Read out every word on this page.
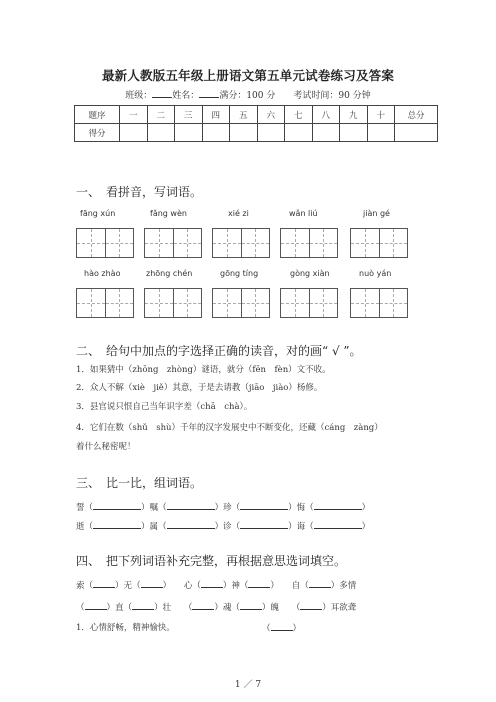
最新人教版五年级上册语文第五单元试卷练习及答案
班级： 姓名： 满分：100 分　　 考试时间：90 分钟
题序	一	二	三	四	五	六	七	八	九	十	总分
得分											
一、　看拼音，写词语。
fāng xún	fǎng wèn	xié zi	wǎn liú	jiàn gé
hào zhào	zhōng chén	gōng tíng	gòng xiàn	nuò yán
二、　给句中加点的字选择正确的读音，对的画“ √ ”。
1．如果猜中（zhōng　zhòng）谜语，就分（fēn　fèn）文不收。
2．众人不解（xiè　jiě）其意，于是去请教（jiāo　jiào）杨修。
3．县官说只恨自己当年识字差（chā　chà）。
4．它们在数（shǔ　shù）千年的汉字发展史中不断变化，还藏（cáng　zàng）
着什么秘密呢！
三、　比一比，组词语。
誓（	）嘱（	）珍（	）悔（	）
逝（	）属（	）诊（	）诲（	）
四、　把下列词语补充完整，再根据意思选词填空。
索（	）无（	）　　心（	）神（	）　　自（	）多情
（	）直（	）壮　　（	）魂（	）魄　　（	）耳欲聋
1．心情舒畅，精神愉快。	（	）
1 ／ 7
